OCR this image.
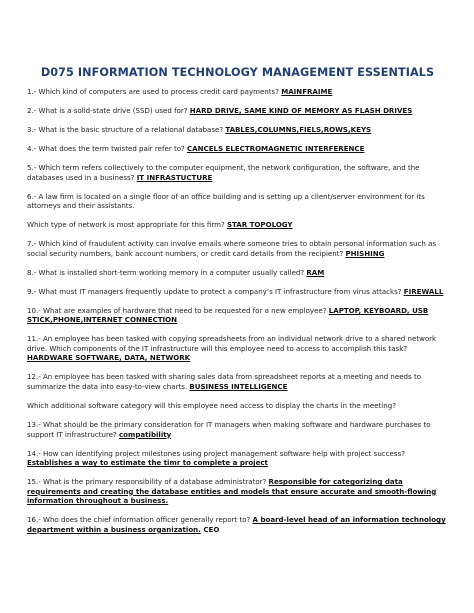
D075 INFORMATION TECHNOLOGY MANAGEMENT ESSENTIALS

1.- Which kind of computers are used to process credit card payments? MAINFRAIME

2.- What is a solid-state drive (SSD) used for? HARD DRIVE, SAME KIND OF MEMORY AS FLASH DRIVES

3.- What is the basic structure of a relational database? TABLES,COLUMNS,FIELS,ROWS,KEYS

4.- What does the term twisted pair refer to? CANCELS ELECTROMAGNETIC INTERFERENCE

5.- Which term refers collectively to the computer equipment, the network configuration, the software, and the databases used in a business? IT INFRASTUCTURE

6.- A law firm is located on a single floor of an office building and is setting up a client/server environment for its attorneys and their assistants.

Which type of network is most appropriate for this firm? STAR TOPOLOGY

7.- Which kind of fraudulent activity can involve emails where someone tries to obtain personal information such as social security numbers, bank account numbers, or credit card details from the recipient? PHISHING

8.- What is installed short-term working memory in a computer usually called? RAM

9.- What must IT managers frequently update to protect a company’s IT infrastructure from virus attacks? FIREWALL

10.- What are examples of hardware that need to be requested for a new employee? LAPTOP, KEYBOARD, USB STICK,PHONE,INTERNET CONNECTION

11.- An employee has been tasked with copying spreadsheets from an individual network drive to a shared network drive. Which components of the IT infrastructure will this employee need to access to accomplish this task? HARDWARE SOFTWARE, DATA, NETWORK

12.- An employee has been tasked with sharing sales data from spreadsheet reports at a meeting and needs to summarize the data into easy-to-view charts. BUSINESS INTELLIGENCE

Which additional software category will this employee need access to display the charts in the meeting?

13.- What should be the primary consideration for IT managers when making software and hardware purchases to support IT infrastructure? compatibility

14.- How can identifying project milestones using project management software help with project success? Establishes a way to estimate the timr to complete a project

15.- What is the primary responsibility of a database administrator? Responsible for categorizing data requirements and creating the database entities and models that ensure accurate and smooth-flowing information throughout a business.

16.- Who does the chief information officer generally report to? A board-level head of an information technology department within a business organization. CEO
